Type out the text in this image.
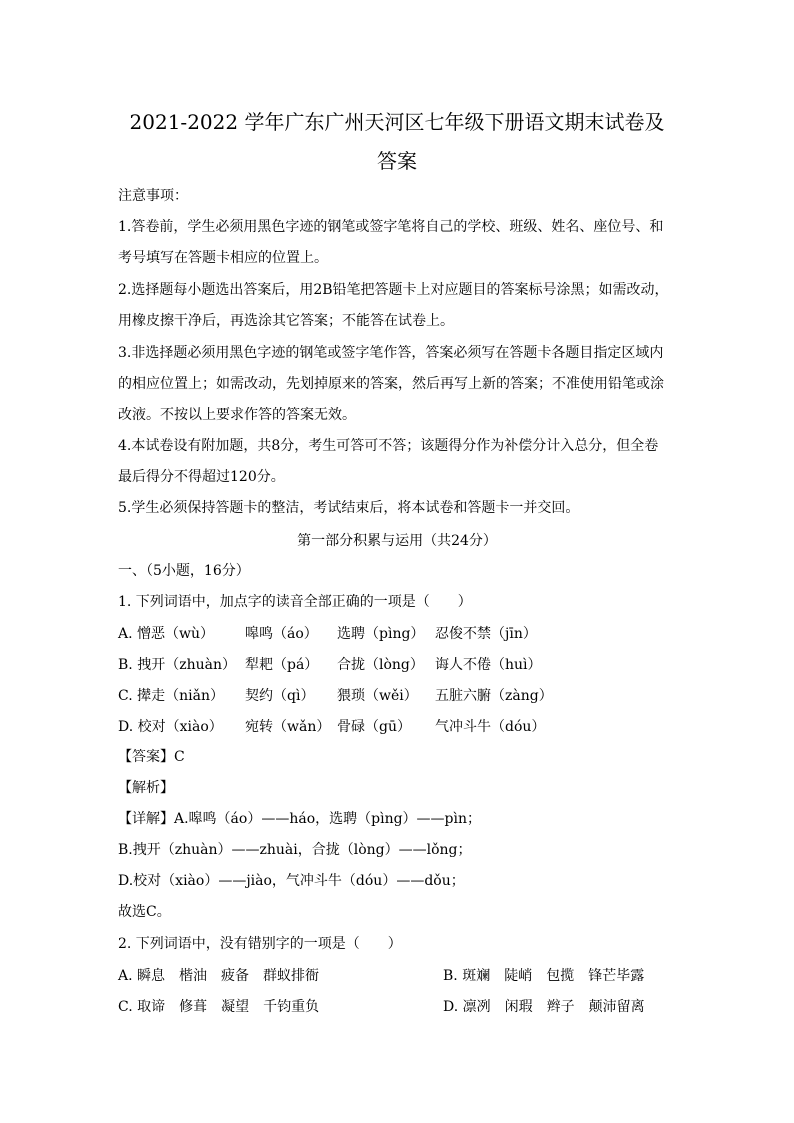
2021-2022 学年广东广州天河区七年级下册语文期末试卷及
答案
注意事项：
1.答卷前，学生必须用黑色字迹的钢笔或签字笔将自己的学校、班级、姓名、座位号、和
考号填写在答题卡相应的位置上。
2.选择题每小题选出答案后，用2B铅笔把答题卡上对应题目的答案标号涂黑；如需改动，
用橡皮擦干净后，再选涂其它答案；不能答在试卷上。
3.非选择题必须用黑色字迹的钢笔或签字笔作答，答案必须写在答题卡各题目指定区域内
的相应位置上；如需改动，先划掉原来的答案，然后再写上新的答案；不准使用铅笔或涂
改液。不按以上要求作答的答案无效。
4.本试卷设有附加题，共8分，考生可答可不答；该题得分作为补偿分计入总分，但全卷
最后得分不得超过120分。
5.学生必须保持答题卡的整洁，考试结束后，将本试卷和答题卡一并交回。
第一部分积累与运用（共24分）
一、（5小题，16分）
1. 下列词语中，加点字的读音全部正确的一项是（　　）
A. 憎恶（wù） 嗥鸣（áo） 选聘（pìng） 忍俊不禁（jīn）
B. 拽开（zhuàn） 犁耙（pá） 合拢（lòng） 诲人不倦（huì）
C. 撵走（niǎn） 契约（qì） 猥琐（wěi） 五脏六腑（zàng）
D. 校对（xiào） 宛转（wǎn） 骨碌（gū） 气冲斗牛（dóu）
【答案】C
【解析】
【详解】A.嗥鸣（áo）——háo，选聘（pìng）——pìn；
B.拽开（zhuàn）——zhuài，合拢（lòng）——lǒng；
D.校对（xiào）——jiào，气冲斗牛（dóu）——dǒu；
故选C。
2. 下列词语中，没有错别字的一项是（　　）
A. 瞬息　楷油　疲备　群蚁排衙	B. 斑斓　陡峭　包揽　锋芒毕露
C. 取谛　修葺　凝望　千钧重负	D. 凛冽　闲瑕　辫子　颠沛留离
